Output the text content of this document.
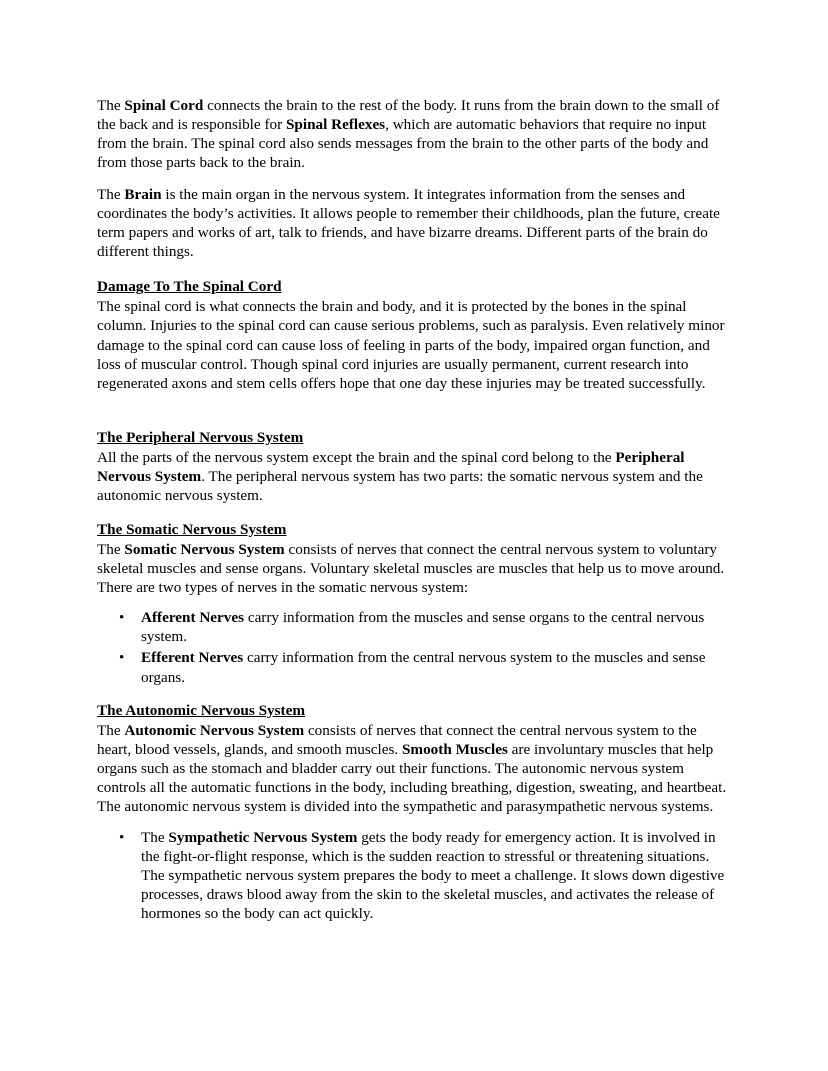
The Spinal Cord connects the brain to the rest of the body. It runs from the brain down to the small of the back and is responsible for Spinal Reflexes, which are automatic behaviors that require no input from the brain. The spinal cord also sends messages from the brain to the other parts of the body and from those parts back to the brain.

The Brain is the main organ in the nervous system. It integrates information from the senses and coordinates the body’s activities. It allows people to remember their childhoods, plan the future, create term papers and works of art, talk to friends, and have bizarre dreams. Different parts of the brain do different things.

Damage To The Spinal Cord

The spinal cord is what connects the brain and body, and it is protected by the bones in the spinal column. Injuries to the spinal cord can cause serious problems, such as paralysis. Even relatively minor damage to the spinal cord can cause loss of feeling in parts of the body, impaired organ function, and loss of muscular control. Though spinal cord injuries are usually permanent, current research into regenerated axons and stem cells offers hope that one day these injuries may be treated successfully.

The Peripheral Nervous System

All the parts of the nervous system except the brain and the spinal cord belong to the Peripheral Nervous System. The peripheral nervous system has two parts: the somatic nervous system and the autonomic nervous system.

The Somatic Nervous System

The Somatic Nervous System consists of nerves that connect the central nervous system to voluntary skeletal muscles and sense organs. Voluntary skeletal muscles are muscles that help us to move around. There are two types of nerves in the somatic nervous system:

• Afferent Nerves carry information from the muscles and sense organs to the central nervous system.
• Efferent Nerves carry information from the central nervous system to the muscles and sense organs.
The Autonomic Nervous System

The Autonomic Nervous System consists of nerves that connect the central nervous system to the heart, blood vessels, glands, and smooth muscles. Smooth Muscles are involuntary muscles that help organs such as the stomach and bladder carry out their functions. The autonomic nervous system controls all the automatic functions in the body, including breathing, digestion, sweating, and heartbeat. The autonomic nervous system is divided into the sympathetic and parasympathetic nervous systems.

• The Sympathetic Nervous System gets the body ready for emergency action. It is involved in the fight-or-flight response, which is the sudden reaction to stressful or threatening situations. The sympathetic nervous system prepares the body to meet a challenge. It slows down digestive processes, draws blood away from the skin to the skeletal muscles, and activates the release of hormones so the body can act quickly.
